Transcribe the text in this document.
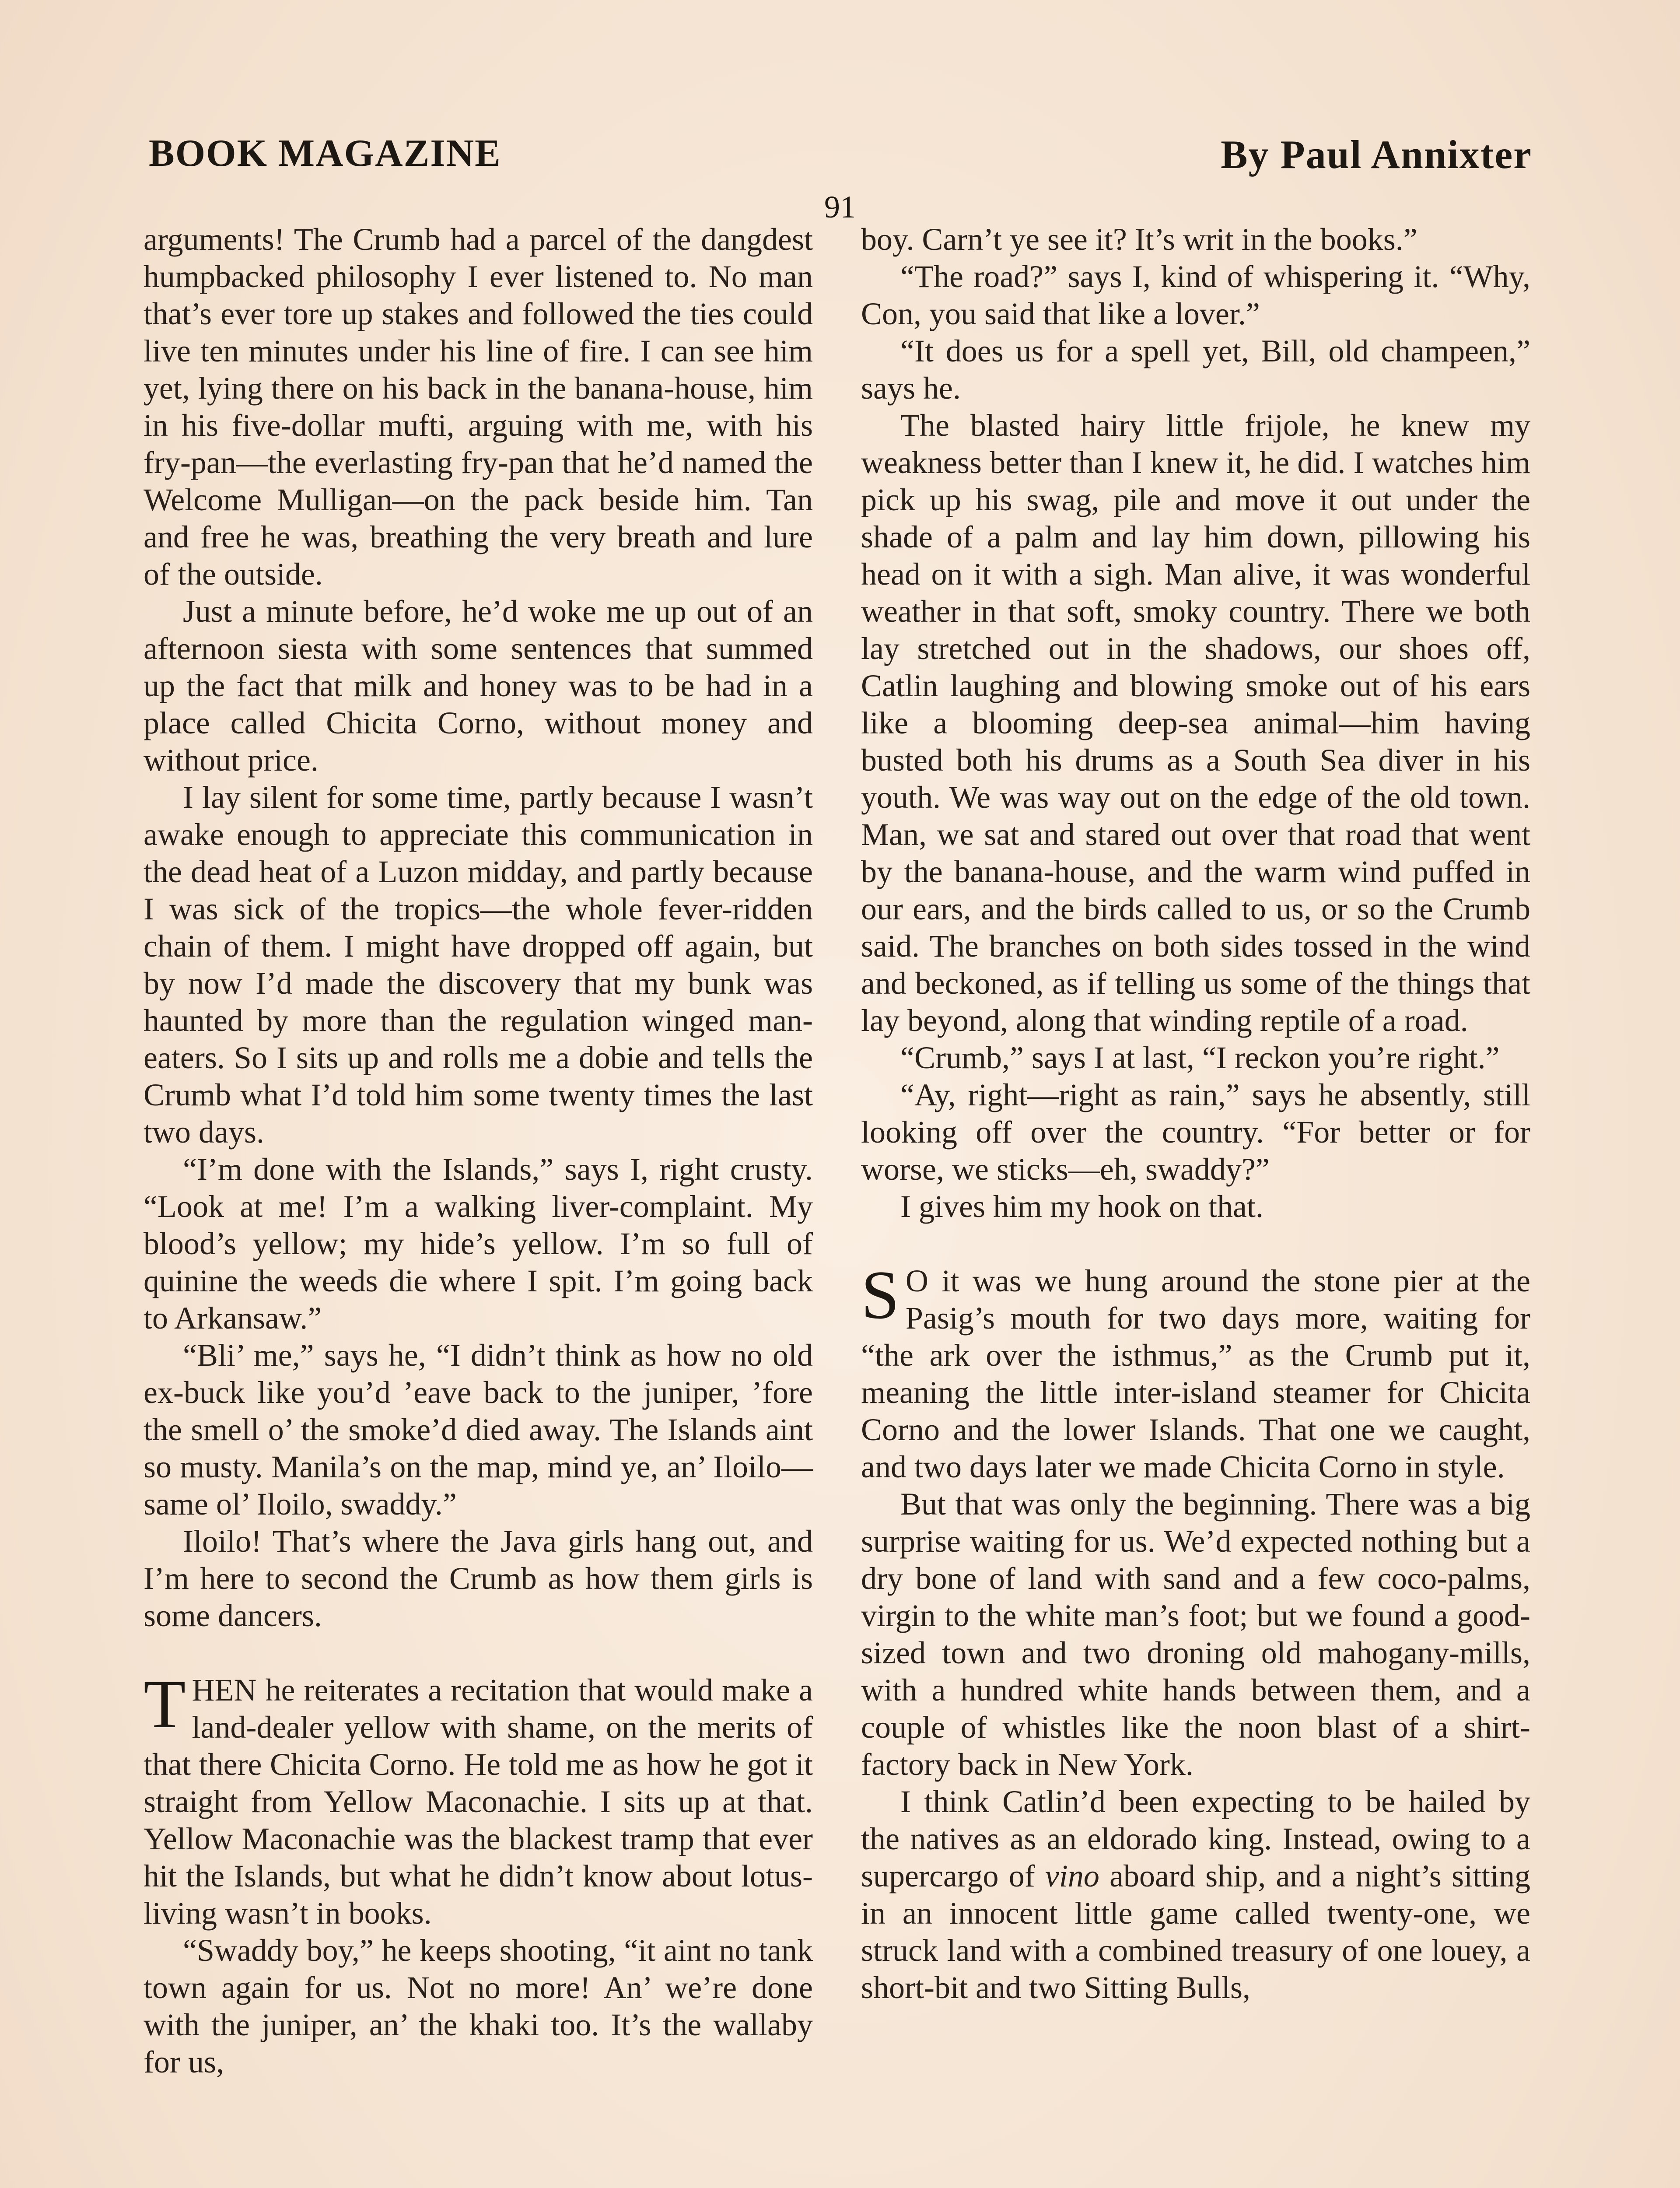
BOOK MAGAZINE	By Paul Annixter
91

arguments! The Crumb had a parcel of the dangdest humpbacked philosophy I ever listened to. No man that’s ever tore up stakes and followed the ties could live ten minutes under his line of fire. I can see him yet, lying there on his back in the banana-house, him in his five-dollar mufti, arguing with me, with his fry-pan—the everlasting fry-pan that he’d named the Welcome Mulligan—on the pack beside him. Tan and free he was, breathing the very breath and lure of the outside.

Just a minute before, he’d woke me up out of an afternoon siesta with some sentences that summed up the fact that milk and honey was to be had in a place called Chicita Corno, without money and without price.

I lay silent for some time, partly because I wasn’t awake enough to appreciate this communication in the dead heat of a Luzon midday, and partly because I was sick of the tropics—the whole fever-ridden chain of them. I might have dropped off again, but by now I’d made the discovery that my bunk was haunted by more than the regulation winged man-eaters. So I sits up and rolls me a dobie and tells the Crumb what I’d told him some twenty times the last two days.

“I’m done with the Islands,” says I, right crusty. “Look at me! I’m a walking liver-complaint. My blood’s yellow; my hide’s yellow. I’m so full of quinine the weeds die where I spit. I’m going back to Arkansaw.”

“Bli’ me,” says he, “I didn’t think as how no old ex-buck like you’d ’eave back to the juniper, ’fore the smell o’ the smoke’d died away. The Islands aint so musty. Manila’s on the map, mind ye, an’ Iloilo—same ol’ Iloilo, swaddy.”

Iloilo! That’s where the Java girls hang out, and I’m here to second the Crumb as how them girls is some dancers.

THEN he reiterates a recitation that would make a land-dealer yellow with shame, on the merits of that there Chicita Corno. He told me as how he got it straight from Yellow Maconachie. I sits up at that. Yellow Maconachie was the blackest tramp that ever hit the Islands, but what he didn’t know about lotus-living wasn’t in books.

“Swaddy boy,” he keeps shooting, “it aint no tank town again for us. Not no more! An’ we’re done with the juniper, an’ the khaki too. It’s the wallaby for us,

boy. Carn’t ye see it? It’s writ in the books.”

“The road?” says I, kind of whispering it. “Why, Con, you said that like a lover.”

“It does us for a spell yet, Bill, old champeen,” says he.

The blasted hairy little frijole, he knew my weakness better than I knew it, he did. I watches him pick up his swag, pile and move it out under the shade of a palm and lay him down, pillowing his head on it with a sigh. Man alive, it was wonderful weather in that soft, smoky country. There we both lay stretched out in the shadows, our shoes off, Catlin laughing and blowing smoke out of his ears like a blooming deep-sea animal—him having busted both his drums as a South Sea diver in his youth. We was way out on the edge of the old town. Man, we sat and stared out over that road that went by the banana-house, and the warm wind puffed in our ears, and the birds called to us, or so the Crumb said. The branches on both sides tossed in the wind and beckoned, as if telling us some of the things that lay beyond, along that winding reptile of a road.

“Crumb,” says I at last, “I reckon you’re right.”

“Ay, right—right as rain,” says he absently, still looking off over the country. “For better or for worse, we sticks—eh, swaddy?”

I gives him my hook on that.

S O it was we hung around the stone pier at the Pasig’s mouth for two days more, waiting for “the ark over the isthmus,” as the Crumb put it, meaning the little inter-island steamer for Chicita Corno and the lower Islands. That one we caught, and two days later we made Chicita Corno in style.

But that was only the beginning. There was a big surprise waiting for us. We’d expected nothing but a dry bone of land with sand and a few coco-palms, virgin to the white man’s foot; but we found a good-sized town and two droning old mahogany-mills, with a hundred white hands between them, and a couple of whistles like the noon blast of a shirt-factory back in New York.

I think Catlin’d been expecting to be hailed by the natives as an eldorado king. Instead, owing to a supercargo of vino aboard ship, and a night’s sitting in an innocent little game called twenty-one, we struck land with a combined treasury of one louey, a short-bit and two Sitting Bulls,
